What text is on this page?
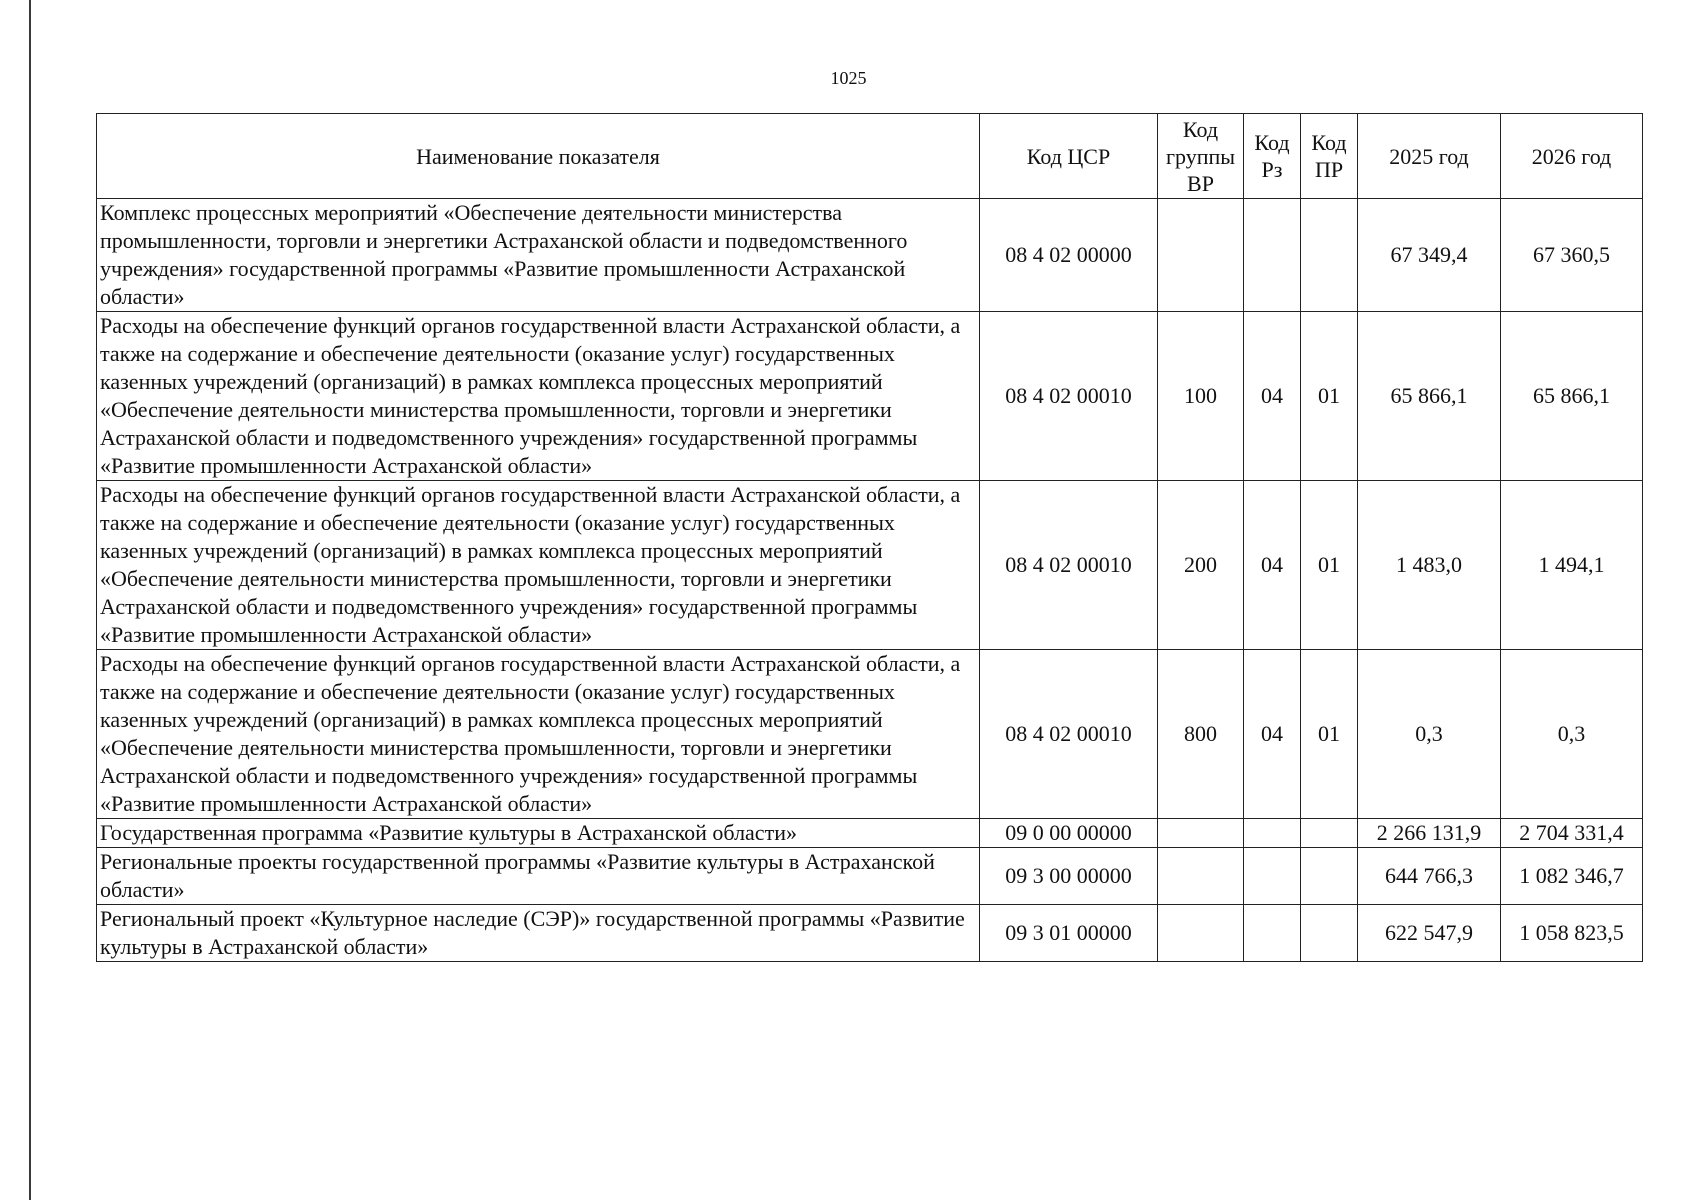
1025
Наименование показателя	Код ЦСР	Код группы ВР	Код Рз	Код ПР	2025 год	2026 год
Комплекс процессных мероприятий «Обеспечение деятельности министерства промышленности, торговли и энергетики Астраханской области и подведомственного учреждения» государственной программы «Развитие промышленности Астраханской области»	08 4 02 00000				67 349,4	67 360,5
Расходы на обеспечение функций органов государственной власти Астраханской области, а также на содержание и обеспечение деятельности (оказание услуг) государственных казенных учреждений (организаций) в рамках комплекса процессных мероприятий «Обеспечение деятельности министерства промышленности, торговли и энергетики Астраханской области и подведомственного учреждения» государственной программы «Развитие промышленности Астраханской области»	08 4 02 00010	100	04	01	65 866,1	65 866,1
Расходы на обеспечение функций органов государственной власти Астраханской области, а также на содержание и обеспечение деятельности (оказание услуг) государственных казенных учреждений (организаций) в рамках комплекса процессных мероприятий «Обеспечение деятельности министерства промышленности, торговли и энергетики Астраханской области и подведомственного учреждения» государственной программы «Развитие промышленности Астраханской области»	08 4 02 00010	200	04	01	1 483,0	1 494,1
Расходы на обеспечение функций органов государственной власти Астраханской области, а также на содержание и обеспечение деятельности (оказание услуг) государственных казенных учреждений (организаций) в рамках комплекса процессных мероприятий «Обеспечение деятельности министерства промышленности, торговли и энергетики Астраханской области и подведомственного учреждения» государственной программы «Развитие промышленности Астраханской области»	08 4 02 00010	800	04	01	0,3	0,3
Государственная программа «Развитие культуры в Астраханской области»	09 0 00 00000				2 266 131,9	2 704 331,4
Региональные проекты государственной программы «Развитие культуры в Астраханской области»	09 3 00 00000				644 766,3	1 082 346,7
Региональный проект «Культурное наследие (СЭР)» государственной программы «Развитие культуры в Астраханской области»	09 3 01 00000				622 547,9	1 058 823,5
